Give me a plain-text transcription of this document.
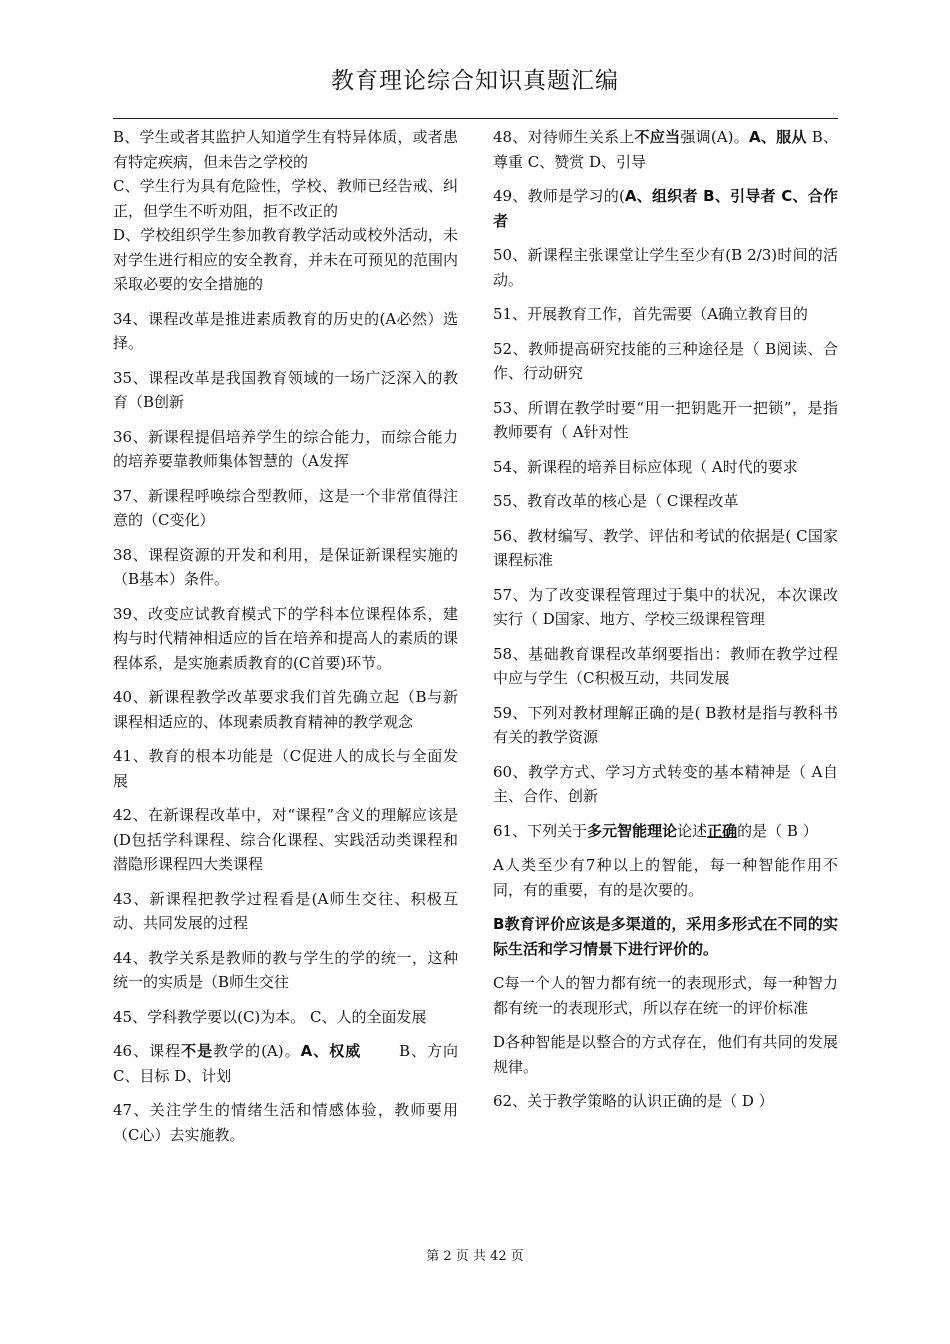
教育理论综合知识真题汇编
B、学生或者其监护人知道学生有特异体质，或者患有特定疾病，但未告之学校的
C、学生行为具有危险性，学校、教师已经告戒、纠正，但学生不听劝阻，拒不改正的
D、学校组织学生参加教育教学活动或校外活动，未对学生进行相应的安全教育，并未在可预见的范围内采取必要的安全措施的
34、课程改革是推进素质教育的历史的(A必然）选择。
35、课程改革是我国教育领域的一场广泛深入的教育（B创新
36、新课程提倡培养学生的综合能力，而综合能力的培养要靠教师集体智慧的（A发挥
37、新课程呼唤综合型教师，这是一个非常值得注意的（C变化）
38、课程资源的开发和利用，是保证新课程实施的（B基本）条件。
39、改变应试教育模式下的学科本位课程体系，建构与时代精神相适应的旨在培养和提高人的素质的课程体系，是实施素质教育的(C首要)环节。
40、新课程教学改革要求我们首先确立起（B与新课程相适应的、体现素质教育精神的教学观念
41、教育的根本功能是（C促进人的成长与全面发展
42、在新课程改革中，对“课程”含义的理解应该是(D包括学科课程、综合化课程、实践活动类课程和潜隐形课程四大类课程
43、新课程把教学过程看是(A师生交往、积极互动、共同发展的过程
44、教学关系是教师的教与学生的学的统一，这种统一的实质是（B师生交往
45、学科教学要以(C)为本。 C、人的全面发展
46、课程不是教学的(A)。A、权威　　 B、方向　C、目标 D、计划
47、关注学生的情绪生活和情感体验，教师要用（C心）去实施教。
48、对待师生关系上不应当强调(A)。A、服从 B、尊重 C、赞赏 D、引导
49、教师是学习的(A、组织者 B、引导者 C、合作者
50、新课程主张课堂让学生至少有(B 2/3)时间的活动。
51、开展教育工作，首先需要（A确立教育目的
52、教师提高研究技能的三种途径是（ B阅读、合作、行动研究
53、所谓在教学时要“用一把钥匙开一把锁”，是指教师要有（ A针对性
54、新课程的培养目标应体现（ A时代的要求
55、教育改革的核心是（ C课程改革
56、教材编写、教学、评估和考试的依据是( C国家课程标准
57、为了改变课程管理过于集中的状况，本次课改实行（ D国家、地方、学校三级课程管理
58、基础教育课程改革纲要指出：教师在教学过程中应与学生（C积极互动，共同发展
59、下列对教材理解正确的是( B教材是指与教科书有关的教学资源
60、教学方式、学习方式转变的基本精神是（ A自主、合作、创新
61、下列关于多元智能理论论述正确的是（ B ）
A人类至少有7种以上的智能，每一种智能作用不同，有的重要，有的是次要的。
B教育评价应该是多渠道的，采用多形式在不同的实际生活和学习情景下进行评价的。
C每一个人的智力都有统一的表现形式，每一种智力都有统一的表现形式，所以存在统一的评价标准
D各种智能是以整合的方式存在，他们有共同的发展规律。
62、关于教学策略的认识正确的是（ D ）
第 2 页 共 42 页
